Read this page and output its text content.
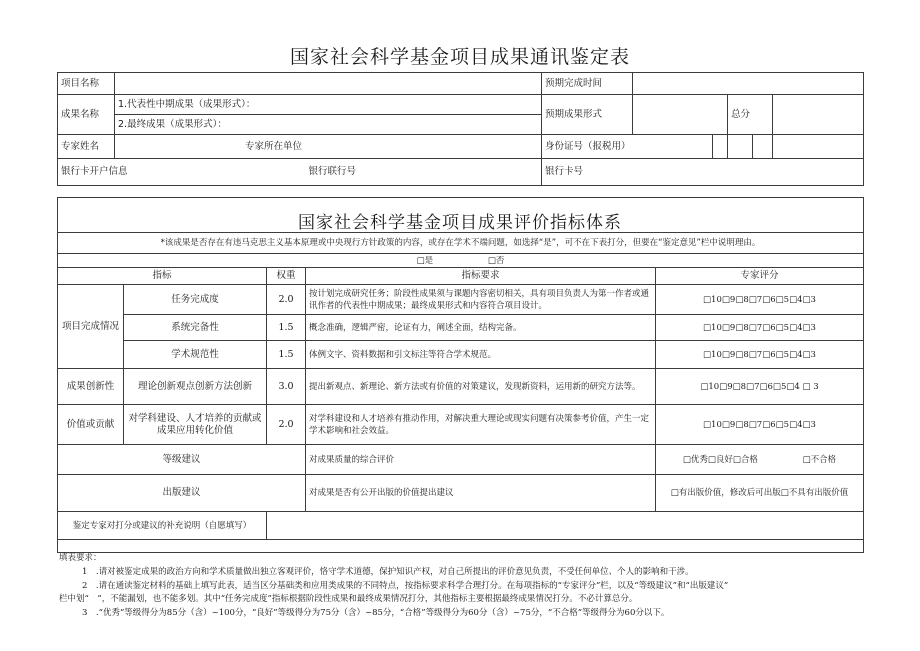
国家社会科学基金项目成果通讯鉴定表
项目名称		预期完成时间					
成果名称	1.代表性中期成果（成果形式）：	预期成果形式			总分		
	2.最终成果（成果形式）：						
专家姓名	专家所在单位	身份证号（报税用）					
银行卡开户信息 银行联行号		银行卡号					
国家社会科学基金项目成果评价指标体系
*该成果是否存在有违马克思主义基本原理或中央现行方针政策的内容，或存在学术不端问题，如选择“是”，可不在下表打分，但要在“鉴定意见”栏中说明理由。				
□是 □否				
指标		权重	指标要求	专家评分
项目完成情况	任务完成度	2.0	按计划完成研究任务；阶段性成果须与课题内容密切相关，具有项目负责人为第一作者或通讯作者的代表性中期成果；最终成果形式和内容符合项目设计。	□10□9□8□7□6□5□4□3
	系统完备性	1.5	概念准确，逻辑严密，论证有力，阐述全面，结构完备。	□10□9□8□7□6□5□4□3
	学术规范性	1.5	体例文字、资料数据和引文标注等符合学术规范。	□10□9□8□7□6□5□4□3
成果创新性	理论创新观点创新方法创新	3.0	提出新观点、新理论、新方法或有价值的对策建议，发现新资料，运用新的研究方法等。	□10□9□8□7□6□5□4 □ 3
价值或贡献	对学科建设、人才培养的贡献或成果应用转化价值	2.0	对学科建设和人才培养有推动作用，对解决重大理论或现实问题有决策参考价值，产生一定学术影响和社会效益。	□10□9□8□7□6□5□4□3
等级建议			对成果质量的综合评价	□优秀□良好□合格 □不合格
出版建议			对成果是否有公开出版的价值提出建议	□有出版价值，修改后可出版□不具有出版价值
鉴定专家对打分或建议的补充说明（自愿填写）				
填表要求：
1　.请对被鉴定成果的政治方向和学术质量做出独立客观评价，恪守学术道德，保护知识产权，对自己所提出的评价意见负责，不受任何单位、个人的影响和干涉。
2　.请在通读鉴定材料的基础上填写此表，适当区分基础类和应用类成果的不同特点，按指标要求科学合理打分。在每项指标的“专家评分”栏，以及“等级建议”和“出版建议”
栏中划“　”，不能漏划，也不能多划。其中“任务完成度”指标根据阶段性成果和最终成果情况打分，其他指标主要根据最终成果情况打分。不必计算总分。
3　.“优秀”等级得分为85分（含）~100分，“良好”等级得分为75分（含）~85分，“合格”等级得分为60分（含）~75分，“不合格”等级得分为60分以下。
